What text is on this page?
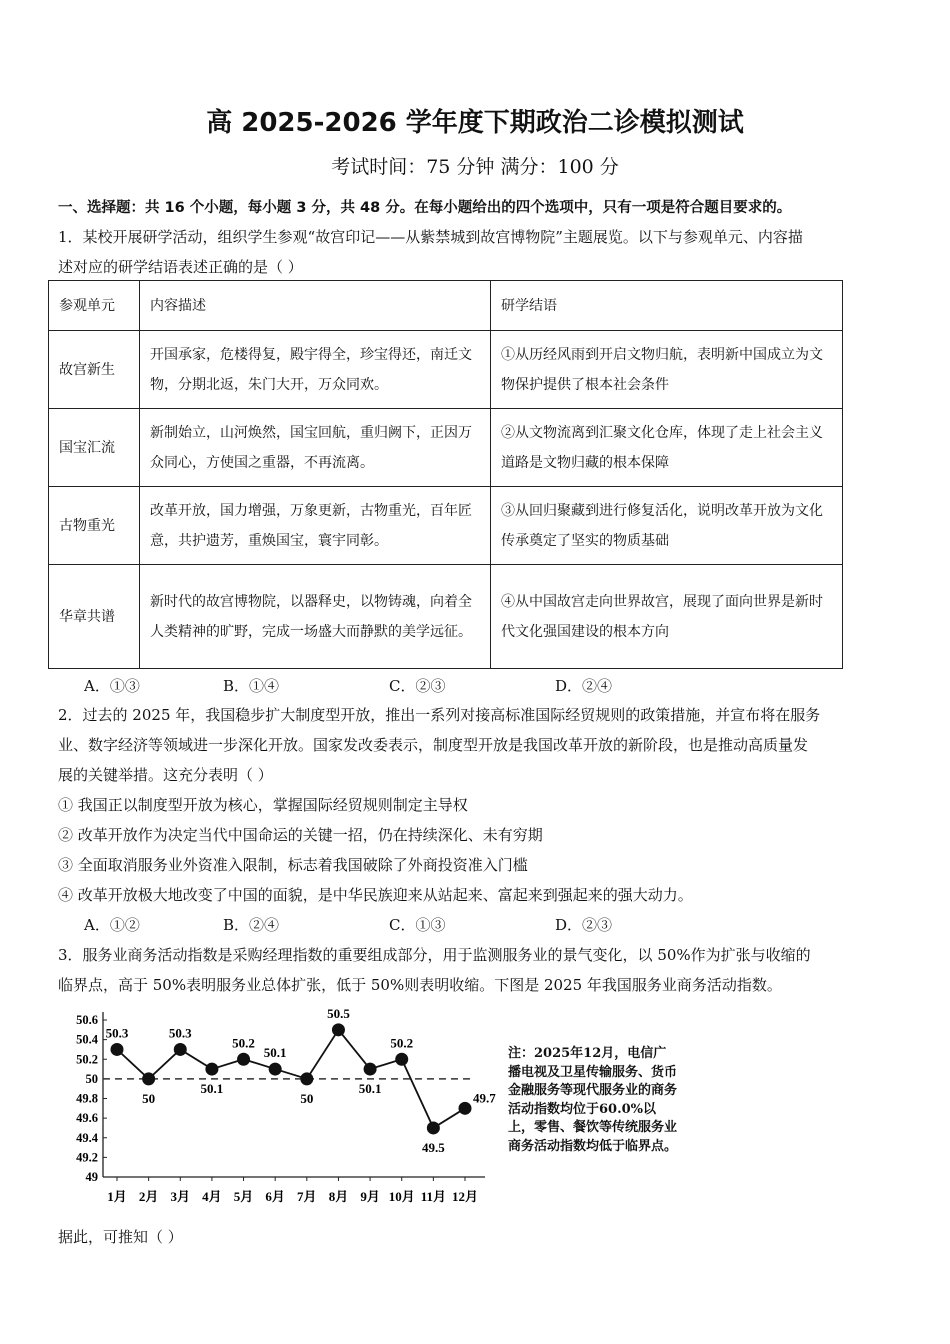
高 2025-2026 学年度下期政治二诊模拟测试
考试时间：75 分钟 满分：100 分
一、选择题：共 16 个小题，每小题 3 分，共 48 分。在每小题给出的四个选项中，只有一项是符合题目要求的。
1．某校开展研学活动，组织学生参观“故宫印记——从紫禁城到故宫博物院”主题展览。以下与参观单元、内容描
述对应的研学结语表述正确的是（ ）
参观单元	内容描述	研学结语
故宫新生	开国承家，危楼得复，殿宇得全，珍宝得还，南迁文物，分期北返，朱门大开，万众同欢。	①从历经风雨到开启文物归航，表明新中国成立为文物保护提供了根本社会条件
国宝汇流	新制始立，山河焕然，国宝回航，重归阙下，正因万众同心，方使国之重器，不再流离。	②从文物流离到汇聚文化仓库，体现了走上社会主义道路是文物归藏的根本保障
古物重光	改革开放，国力增强，万象更新，古物重光，百年匠意，共护遗芳，重焕国宝，寰宇同彰。	③从回归聚藏到进行修复活化，说明改革开放为文化传承奠定了坚实的物质基础
华章共谱	新时代的故宫博物院，以器释史，以物铸魂，向着全人类精神的旷野，完成一场盛大而静默的美学远征。	④从中国故宫走向世界故宫，展现了面向世界是新时代文化强国建设的根本方向
A．①③	B．①④	C．②③	D．②④
2．过去的 2025 年，我国稳步扩大制度型开放，推出一系列对接高标准国际经贸规则的政策措施，并宣布将在服务
业、数字经济等领域进一步深化开放。国家发改委表示，制度型开放是我国改革开放的新阶段，也是推动高质量发
展的关键举措。这充分表明（ ）
① 我国正以制度型开放为核心，掌握国际经贸规则制定主导权
② 改革开放作为决定当代中国命运的关键一招，仍在持续深化、未有穷期
③ 全面取消服务业外资准入限制，标志着我国破除了外商投资准入门槛
④ 改革开放极大地改变了中国的面貌，是中华民族迎来从站起来、富起来到强起来的强大动力。
A．①②	B．②④	C．①③	D．②③
3．服务业商务活动指数是采购经理指数的重要组成部分，用于监测服务业的景气变化，以 50%作为扩张与收缩的
临界点，高于 50%表明服务业总体扩张，低于 50%则表明收缩。下图是 2025 年我国服务业商务活动指数。
50.6
50.4
50.2
50
49.8
49.6
49.4
49.2
49
1月 2月 3月 4月 5月 6月 7月 8月 9月 10月 11月 12月
50.3
50
50.3
50.1
50.2
50.1
50
50.5
50.1
50.2
49.5
49.7
注：2025年12月，电信广播电视及卫星传输服务、货币金融服务等现代服务业的商务活动指数均位于60.0%以上，零售、餐饮等传统服务业商务活动指数均低于临界点。
据此，可推知（ ）
